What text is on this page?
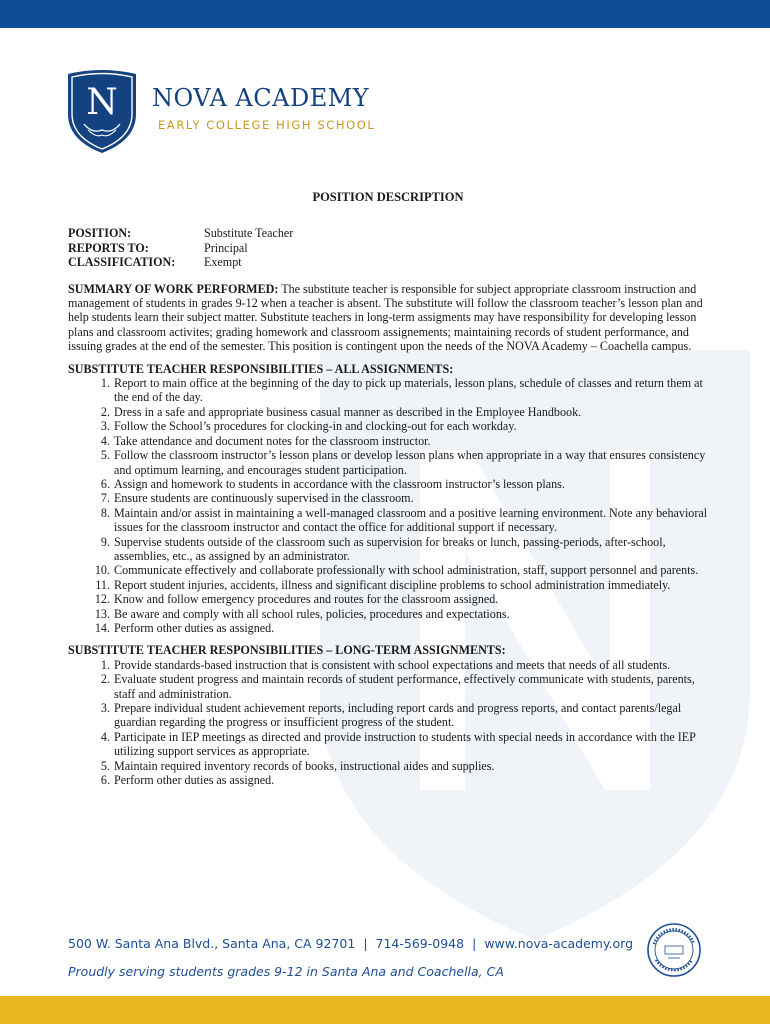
N NOVA ACADEMY
EARLY COLLEGE HIGH SCHOOL
POSITION DESCRIPTION
POSITION:	Substitute Teacher
REPORTS TO:	Principal
CLASSIFICATION:	Exempt
SUMMARY OF WORK PERFORMED: The substitute teacher is responsible for subject appropriate classroom instruction and management of students in grades 9-12 when a teacher is absent. The substitute will follow the classroom teacher’s lesson plan and help students learn their subject matter. Substitute teachers in long-term assigments may have responsibility for developing lesson plans and classroom activites; grading homework and classroom assignements; maintaining records of student performance, and issuing grades at the end of the semester. This position is contingent upon the needs of the NOVA Academy – Coachella campus.
SUBSTITUTE TEACHER RESPONSIBILITIES – ALL ASSIGNMENTS:
1. Report to main office at the beginning of the day to pick up materials, lesson plans, schedule of classes and return them at the end of the day.
2. Dress in a safe and appropriate business casual manner as described in the Employee Handbook.
3. Follow the School’s procedures for clocking-in and clocking-out for each workday.
4. Take attendance and document notes for the classroom instructor.
5. Follow the classroom instructor’s lesson plans or develop lesson plans when appropriate in a way that ensures consistency and optimum learning, and encourages student participation.
6. Assign and homework to students in accordance with the classroom instructor’s lesson plans.
7. Ensure students are continuously supervised in the classroom.
8. Maintain and/or assist in maintaining a well-managed classroom and a positive learning environment. Note any behavioral issues for the classroom instructor and contact the office for additional support if necessary.
9. Supervise students outside of the classroom such as supervision for breaks or lunch, passing-periods, after-school, assemblies, etc., as assigned by an administrator.
10. Communicate effectively and collaborate professionally with school administration, staff, support personnel and parents.
11. Report student injuries, accidents, illness and significant discipline problems to school administration immediately.
12. Know and follow emergency procedures and routes for the classroom assigned.
13. Be aware and comply with all school rules, policies, procedures and expectations.
14. Perform other duties as assigned.
SUBSTITUTE TEACHER RESPONSIBILITIES – LONG-TERM ASSIGNMENTS:
1. Provide standards-based instruction that is consistent with school expectations and meets that needs of all students.
2. Evaluate student progress and maintain records of student performance, effectively communicate with students, parents, staff and administration.
3. Prepare individual student achievement reports, including report cards and progress reports, and contact parents/legal guardian regarding the progress or insufficient progress of the student.
4. Participate in IEP meetings as directed and provide instruction to students with special needs in accordance with the IEP utilizing support services as appropriate.
5. Maintain required inventory records of books, instructional aides and supplies.
6. Perform other duties as assigned.
500 W. Santa Ana Blvd., Santa Ana, CA 92701 | 714-569-0948 | www.nova-academy.org
Proudly serving students grades 9-12 in Santa Ana and Coachella, CA
